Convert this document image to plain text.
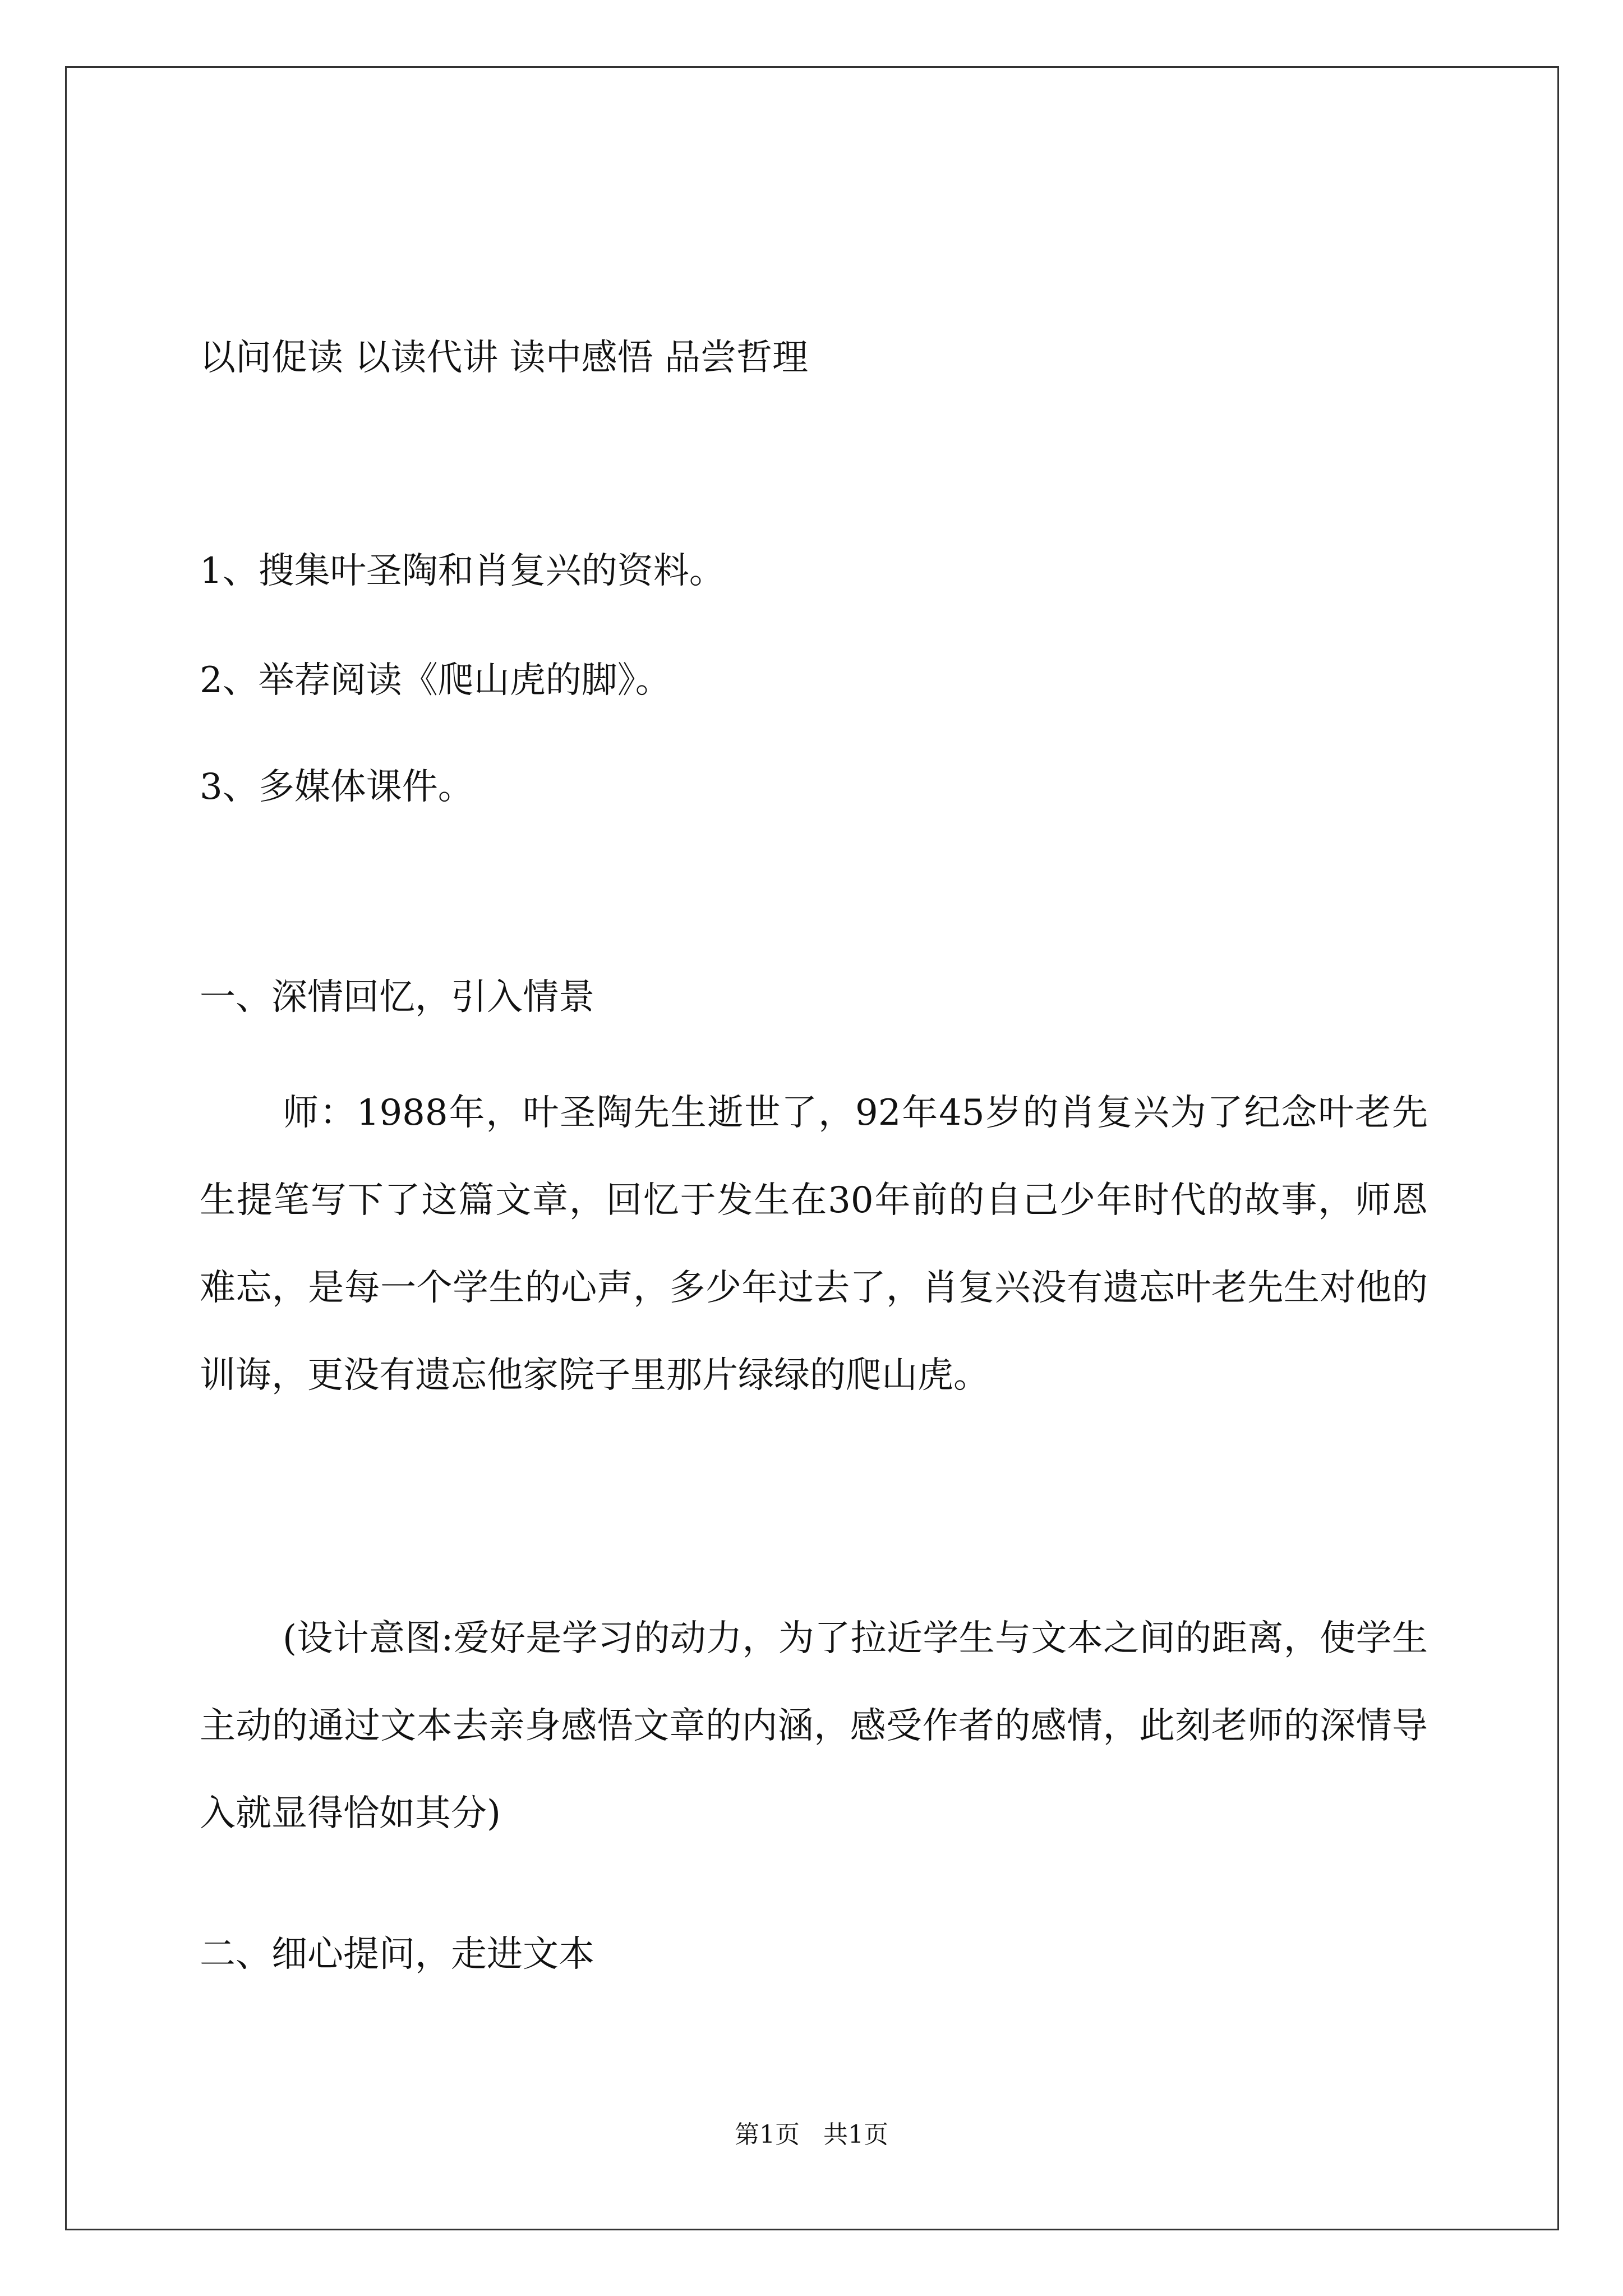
以问促读 以读代讲 读中感悟 品尝哲理

1、搜集叶圣陶和肖复兴的资料。

2、举荐阅读《爬山虎的脚》。

3、多媒体课件。

一、深情回忆，引入情景

师：1988年，叶圣陶先生逝世了，92年45岁的肖复兴为了纪念叶老先生提笔写下了这篇文章，回忆于发生在30年前的自己少年时代的故事，师恩难忘，是每一个学生的心声，多少年过去了，肖复兴没有遗忘叶老先生对他的训诲，更没有遗忘他家院子里那片绿绿的爬山虎。

(设计意图:爱好是学习的动力，为了拉近学生与文本之间的距离，使学生主动的通过文本去亲身感悟文章的内涵，感受作者的感情，此刻老师的深情导入就显得恰如其分)

二、细心提问，走进文本

第1页 共1页
